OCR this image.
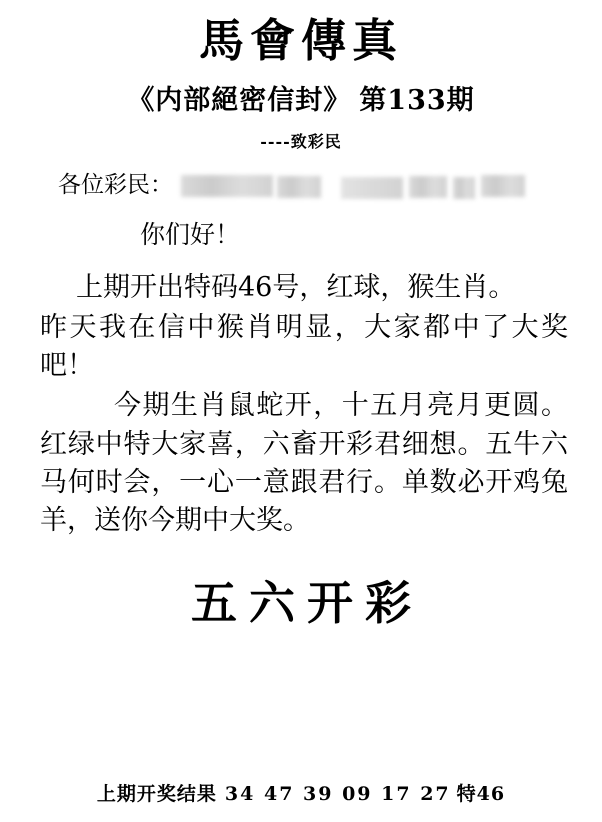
馬會傳真
《内部絕密信封》 第133期
----致彩民
各位彩民：
你们好！

上期开出特码46号，红球，猴生肖。

昨天我在信中猴肖明显，大家都中了大奖吧！

今期生肖鼠蛇开，十五月亮月更圆。红绿中特大家喜，六畜开彩君细想。五牛六马何时会，一心一意跟君行。单数必开鸡兔羊，送你今期中大奖。

五六开彩
上期开奖结果 34 47 39 09 17 27 特46
